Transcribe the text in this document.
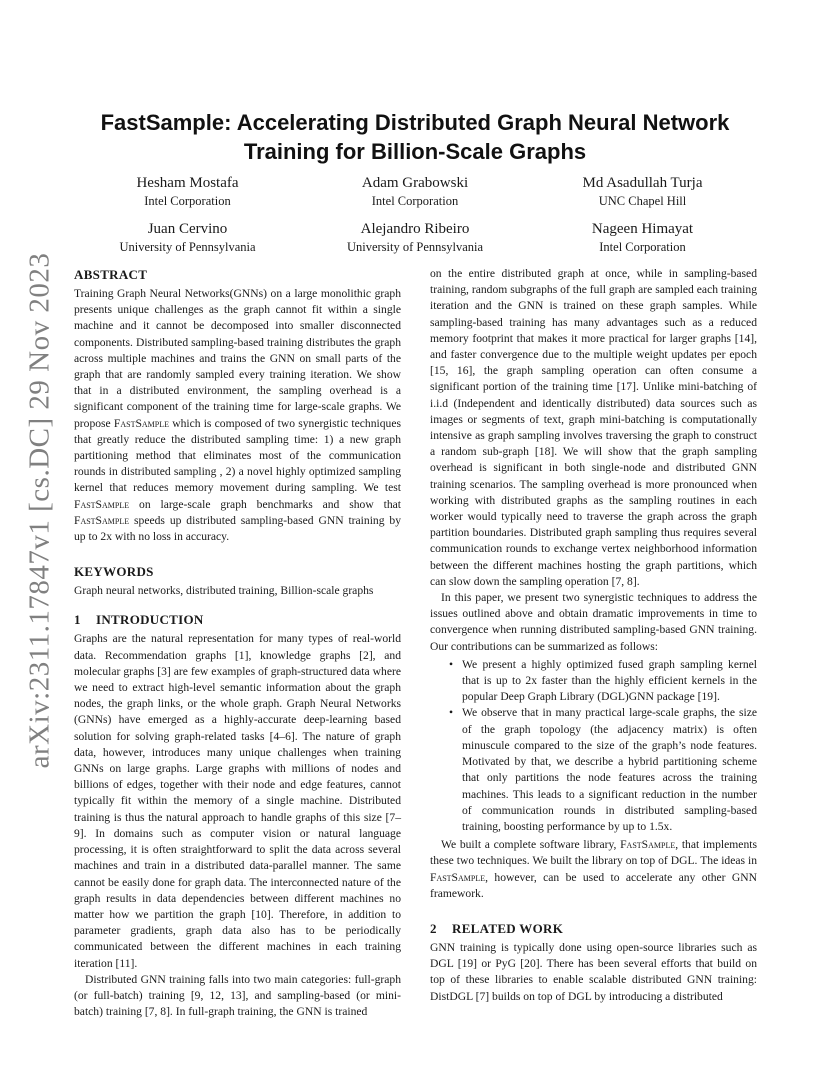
arXiv:2311.17847v1 [cs.DC] 29 Nov 2023
FastSample: Accelerating Distributed Graph Neural Network Training for Billion-Scale Graphs
Hesham Mostafa
Intel Corporation
Adam Grabowski
Intel Corporation
Md Asadullah Turja
UNC Chapel Hill
Juan Cervino
University of Pennsylvania
Alejandro Ribeiro
University of Pennsylvania
Nageen Himayat
Intel Corporation
ABSTRACT

Training Graph Neural Networks(GNNs) on a large monolithic graph presents unique challenges as the graph cannot fit within a single machine and it cannot be decomposed into smaller disconnected components. Distributed sampling-based training distributes the graph across multiple machines and trains the GNN on small parts of the graph that are randomly sampled every training iteration. We show that in a distributed environment, the sampling overhead is a significant component of the training time for large-scale graphs. We propose FastSample which is composed of two synergistic techniques that greatly reduce the distributed sampling time: 1) a new graph partitioning method that eliminates most of the communication rounds in distributed sampling , 2) a novel highly optimized sampling kernel that reduces memory movement during sampling. We test FastSample on large-scale graph benchmarks and show that FastSample speeds up distributed sampling-based GNN training by up to 2x with no loss in accuracy.

KEYWORDS

Graph neural networks, distributed training, Billion-scale graphs

1 INTRODUCTION

Graphs are the natural representation for many types of real-world data. Recommendation graphs [1], knowledge graphs [2], and molecular graphs [3] are few examples of graph-structured data where we need to extract high-level semantic information about the graph nodes, the graph links, or the whole graph. Graph Neural Networks (GNNs) have emerged as a highly-accurate deep-learning based solution for solving graph-related tasks [4–6]. The nature of graph data, however, introduces many unique challenges when training GNNs on large graphs. Large graphs with millions of nodes and billions of edges, together with their node and edge features, cannot typically fit within the memory of a single machine. Distributed training is thus the natural approach to handle graphs of this size [7–9]. In domains such as computer vision or natural language processing, it is often straightforward to split the data across several machines and train in a distributed data-parallel manner. The same cannot be easily done for graph data. The interconnected nature of the graph results in data dependencies between different machines no matter how we partition the graph [10]. Therefore, in addition to parameter gradients, graph data also has to be periodically communicated between the different machines in each training iteration [11].

Distributed GNN training falls into two main categories: full-graph (or full-batch) training [9, 12, 13], and sampling-based (or mini-batch) training [7, 8]. In full-graph training, the GNN is trained

on the entire distributed graph at once, while in sampling-based training, random subgraphs of the full graph are sampled each training iteration and the GNN is trained on these graph samples. While sampling-based training has many advantages such as a reduced memory footprint that makes it more practical for larger graphs [14], and faster convergence due to the multiple weight updates per epoch [15, 16], the graph sampling operation can often consume a significant portion of the training time [17]. Unlike mini-batching of i.i.d (Independent and identically distributed) data sources such as images or segments of text, graph mini-batching is computationally intensive as graph sampling involves traversing the graph to construct a random sub-graph [18]. We will show that the graph sampling overhead is significant in both single-node and distributed GNN training scenarios. The sampling overhead is more pronounced when working with distributed graphs as the sampling routines in each worker would typically need to traverse the graph across the graph partition boundaries. Distributed graph sampling thus requires several communication rounds to exchange vertex neighborhood information between the different machines hosting the graph partitions, which can slow down the sampling operation [7, 8].

In this paper, we present two synergistic techniques to address the issues outlined above and obtain dramatic improvements in time to convergence when running distributed sampling-based GNN training. Our contributions can be summarized as follows:

• We present a highly optimized fused graph sampling kernel that is up to 2x faster than the highly efficient kernels in the popular Deep Graph Library (DGL)GNN package [19].
• We observe that in many practical large-scale graphs, the size of the graph topology (the adjacency matrix) is often minuscule compared to the size of the graph’s node features. Motivated by that, we describe a hybrid partitioning scheme that only partitions the node features across the training machines. This leads to a significant reduction in the number of communication rounds in distributed sampling-based training, boosting performance by up to 1.5x.

We built a complete software library, FastSample, that implements these two techniques. We built the library on top of DGL. The ideas in FastSample, however, can be used to accelerate any other GNN framework.

2 RELATED WORK

GNN training is typically done using open-source libraries such as DGL [19] or PyG [20]. There has been several efforts that build on top of these libraries to enable scalable distributed GNN training: DistDGL [7] builds on top of DGL by introducing a distributed
